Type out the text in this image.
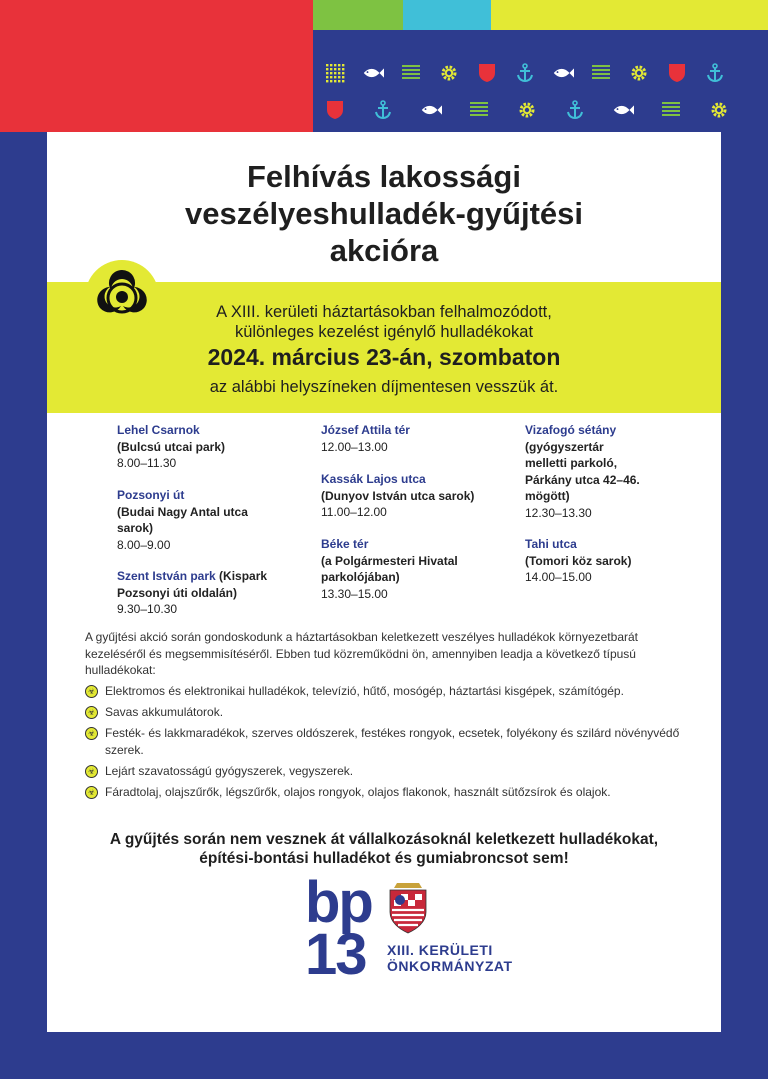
Felhívás lakossági
veszélyeshulladék-gyűjtési
akcióra
A XIII. kerületi háztartásokban felhalmozódott,
különleges kezelést igénylő hulladékokat
2024. március 23-án, szombaton
az alábbi helyszíneken díjmentesen vesszük át.
Lehel Csarnok
(Bulcsú utcai park)
8.00–11.30
Pozsonyi út
(Budai Nagy Antal utca sarok)
8.00–9.00
Szent István park (Kispark Pozsonyi úti oldalán)
9.30–10.30
József Attila tér
12.00–13.00
Kassák Lajos utca
(Dunyov István utca sarok)
11.00–12.00
Béke tér
(a Polgármesteri Hivatal parkolójában)
13.30–15.00
Vizafogó sétány
(gyógyszertár melletti parkoló, Párkány utca 42–46. mögött)
12.30–13.30
Tahi utca
(Tomori köz sarok)
14.00–15.00
A gyűjtési akció során gondoskodunk a háztartásokban keletkezett veszélyes hulladékok környezetbarát kezeléséről és megsemmisítéséről. Ebben tud közreműködni ön, amennyiben leadja a következő típusú hulladékokat:
☣ Elektromos és elektronikai hulladékok, televízió, hűtő, mosógép, háztartási kisgépek, számítógép.
☣ Savas akkumulátorok.
☣ Festék- és lakkmaradékok, szerves oldószerek, festékes rongyok, ecsetek, folyékony és szilárd növényvédő szerek.
☣ Lejárt szavatosságú gyógyszerek, vegyszerek.
☣ Fáradtolaj, olajszűrők, légszűrők, olajos rongyok, olajos flakonok, használt sütőzsírok és olajok.
A gyűjtés során nem vesznek át vállalkozásoknál keletkezett hulladékokat,
építési-bontási hulladékot és gumiabroncsot sem!
bp
13	XIII. KERÜLETI
ÖNKORMÁNYZAT
